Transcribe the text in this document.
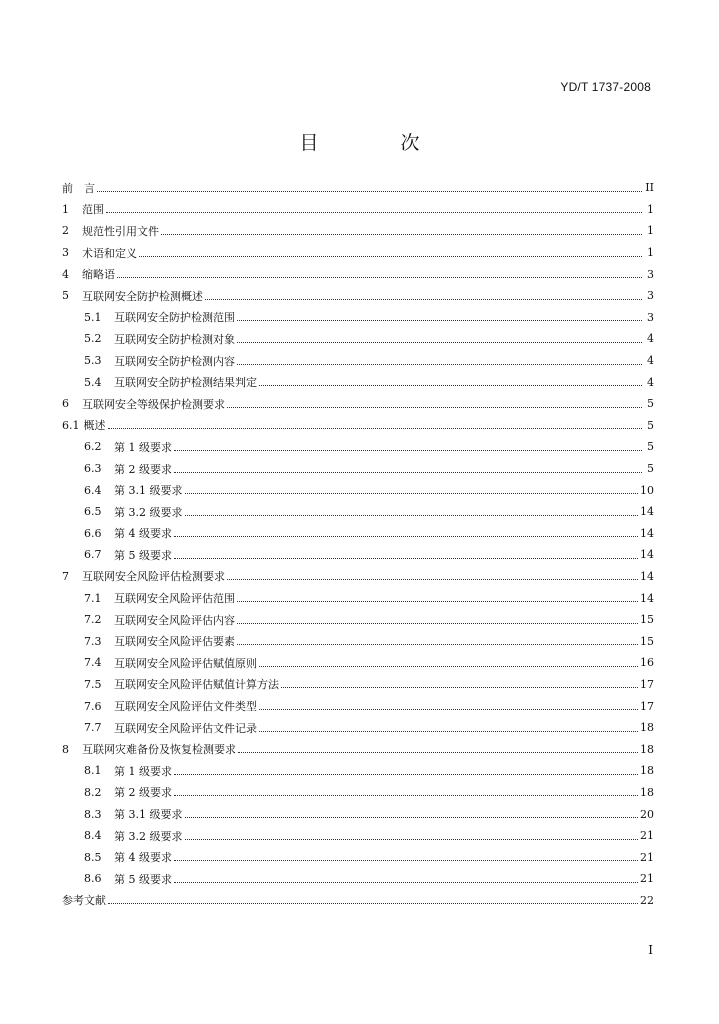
YD/T 1737-2008
目 次
前　言	II
1	范围	1
2	规范性引用文件	1
3	术语和定义	1
4	缩略语	3
5	互联网安全防护检测概述	3
5.1	互联网安全防护检测范围	3
5.2	互联网安全防护检测对象	4
5.3	互联网安全防护检测内容	4
5.4	互联网安全防护检测结果判定	4
6	互联网安全等级保护检测要求	5
6.1 概述	5
6.2	第 1 级要求	5
6.3	第 2 级要求	5
6.4	第 3.1 级要求	10
6.5	第 3.2 级要求	14
6.6	第 4 级要求	14
6.7	第 5 级要求	14
7	互联网安全风险评估检测要求	14
7.1	互联网安全风险评估范围	14
7.2	互联网安全风险评估内容	15
7.3	互联网安全风险评估要素	15
7.4	互联网安全风险评估赋值原则	16
7.5	互联网安全风险评估赋值计算方法	17
7.6	互联网安全风险评估文件类型	17
7.7	互联网安全风险评估文件记录	18
8	互联网灾难备份及恢复检测要求	18
8.1	第 1 级要求	18
8.2	第 2 级要求	18
8.3	第 3.1 级要求	20
8.4	第 3.2 级要求	21
8.5	第 4 级要求	21
8.6	第 5 级要求	21
参考文献	22
I
